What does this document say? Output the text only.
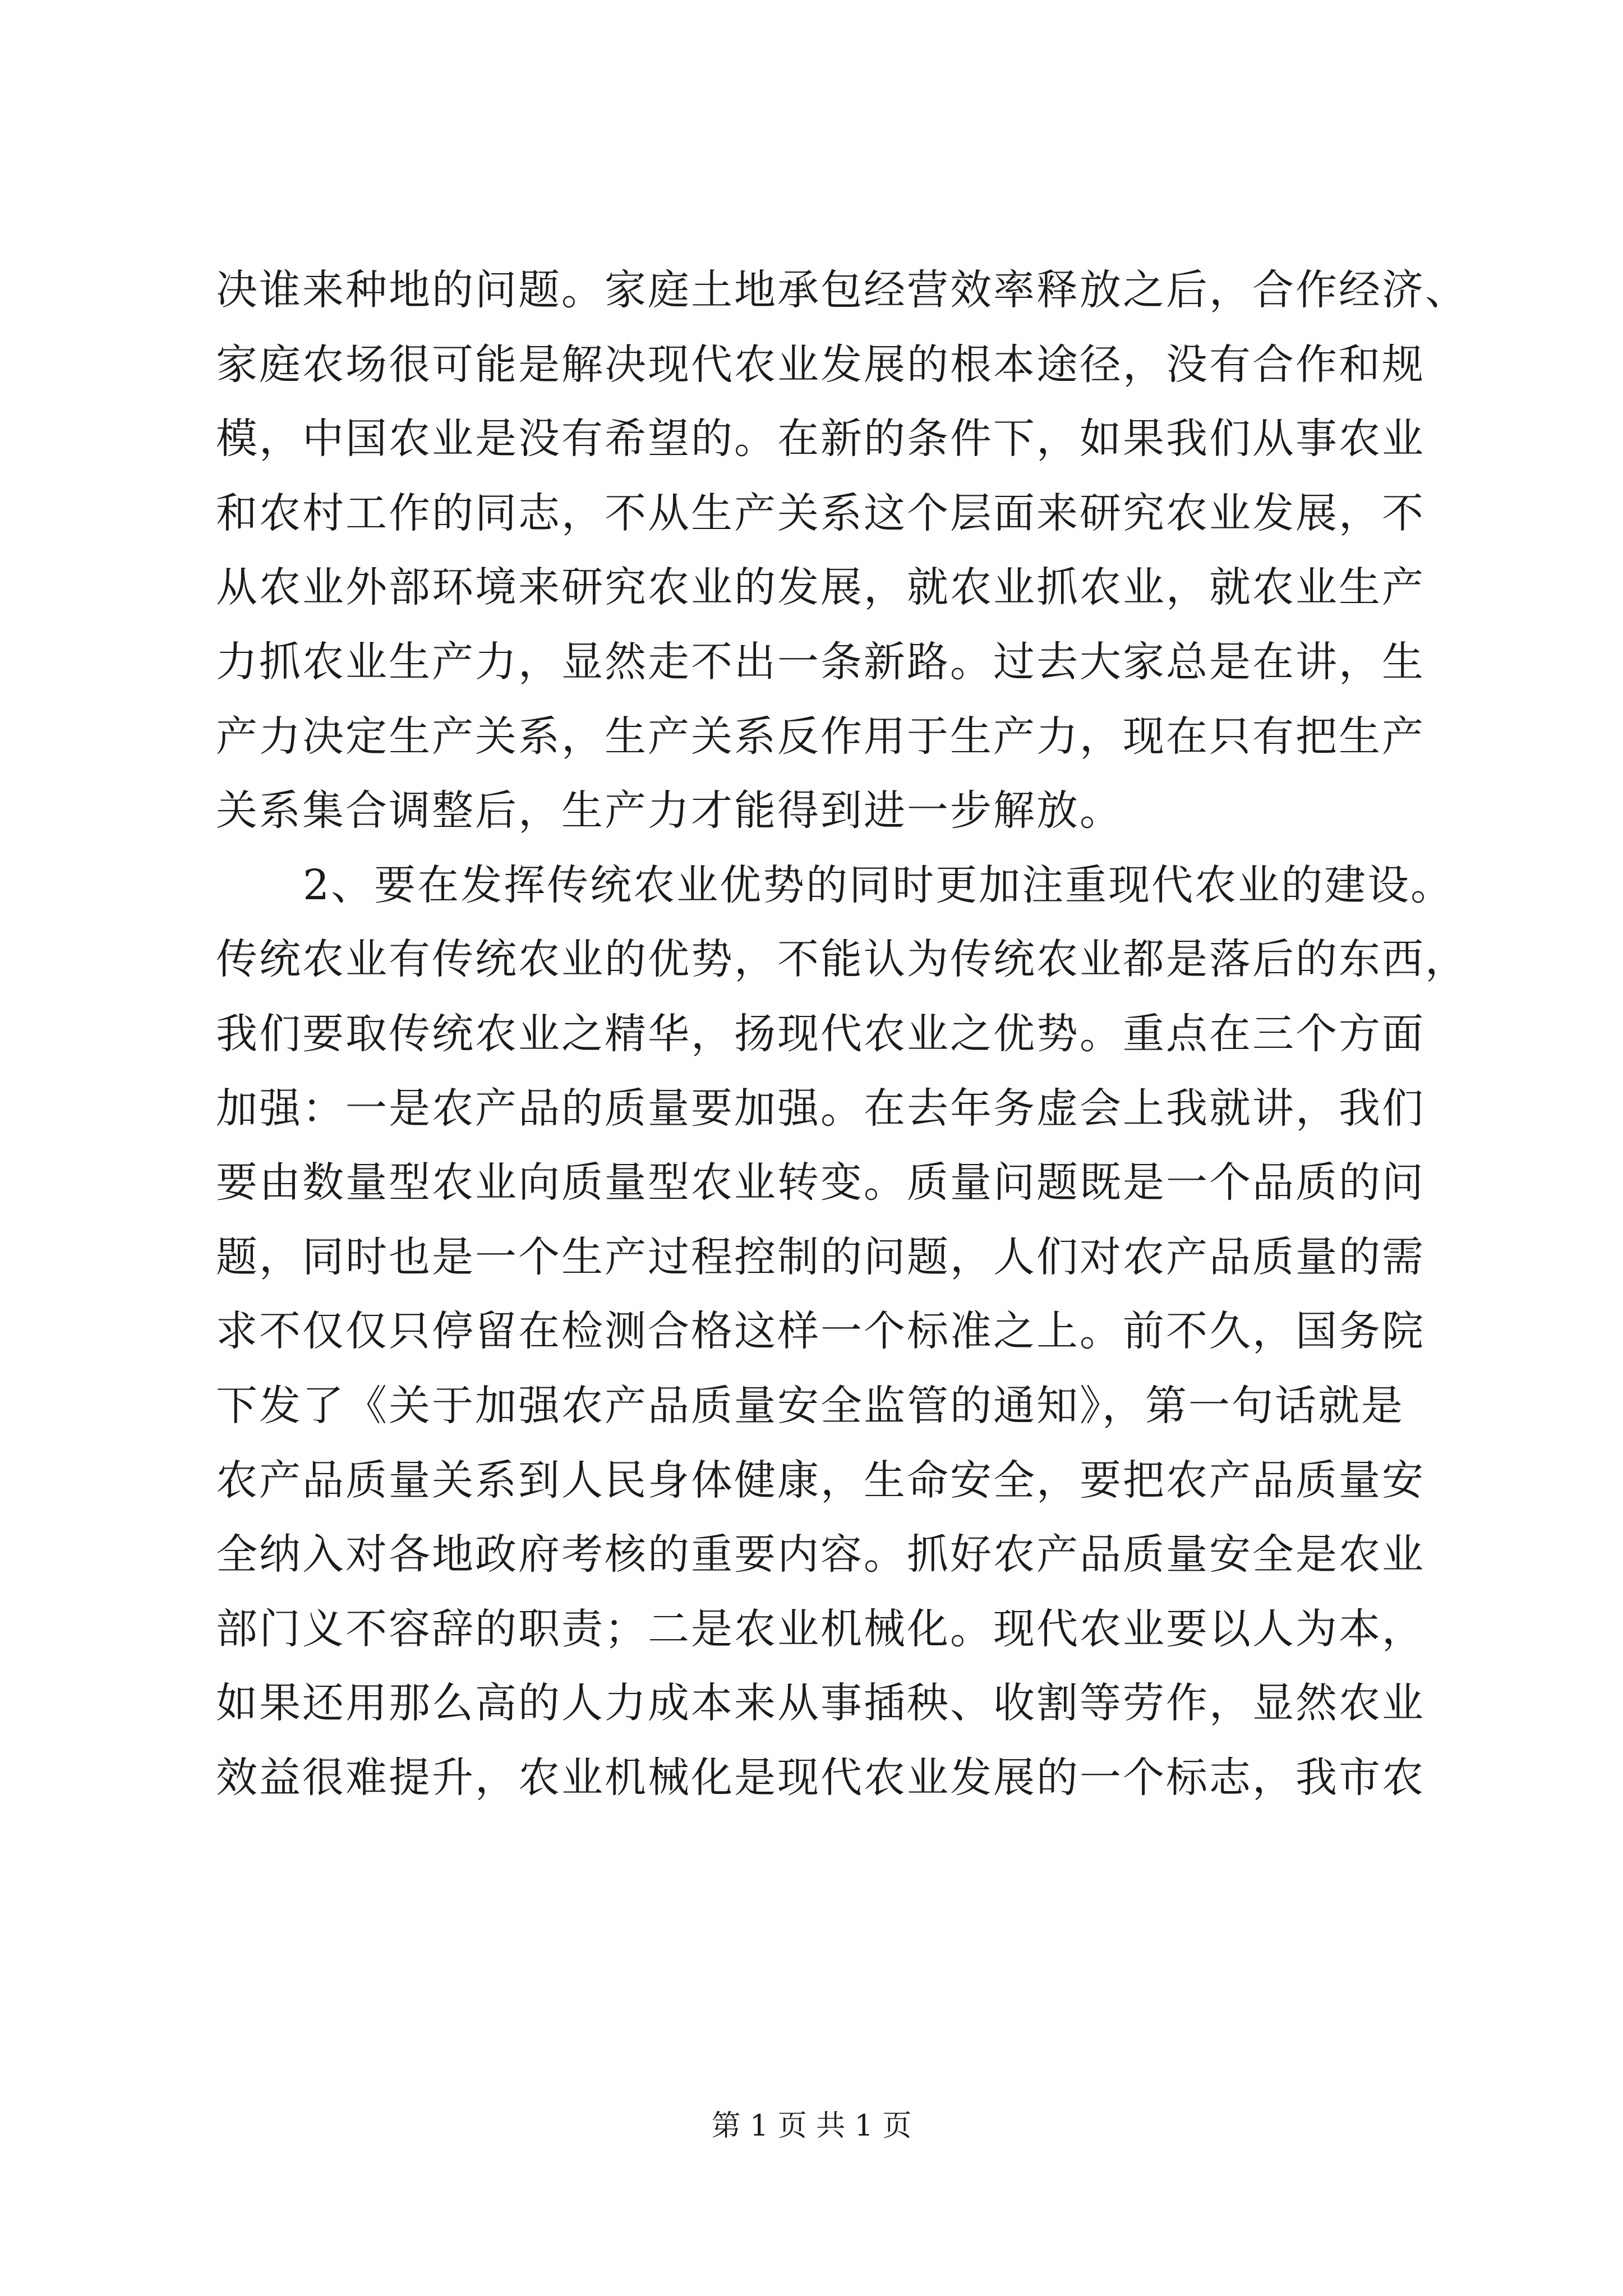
决谁来种地的问题。家庭土地承包经营效率释放之后，合作经济、
家庭农场很可能是解决现代农业发展的根本途径，没有合作和规
模，中国农业是没有希望的。在新的条件下，如果我们从事农业
和农村工作的同志，不从生产关系这个层面来研究农业发展，不
从农业外部环境来研究农业的发展，就农业抓农业，就农业生产
力抓农业生产力，显然走不出一条新路。过去大家总是在讲，生
产力决定生产关系，生产关系反作用于生产力，现在只有把生产
关系集合调整后，生产力才能得到进一步解放。
2、要在发挥传统农业优势的同时更加注重现代农业的建设。
传统农业有传统农业的优势，不能认为传统农业都是落后的东西，
我们要取传统农业之精华，扬现代农业之优势。重点在三个方面
加强：一是农产品的质量要加强。在去年务虚会上我就讲，我们
要由数量型农业向质量型农业转变。质量问题既是一个品质的问
题，同时也是一个生产过程控制的问题，人们对农产品质量的需
求不仅仅只停留在检测合格这样一个标准之上。前不久，国务院
下发了《关于加强农产品质量安全监管的通知》，第一句话就是
农产品质量关系到人民身体健康，生命安全，要把农产品质量安
全纳入对各地政府考核的重要内容。抓好农产品质量安全是农业
部门义不容辞的职责；二是农业机械化。现代农业要以人为本，
如果还用那么高的人力成本来从事插秧、收割等劳作，显然农业
效益很难提升，农业机械化是现代农业发展的一个标志，我市农
第 1 页 共 1 页
